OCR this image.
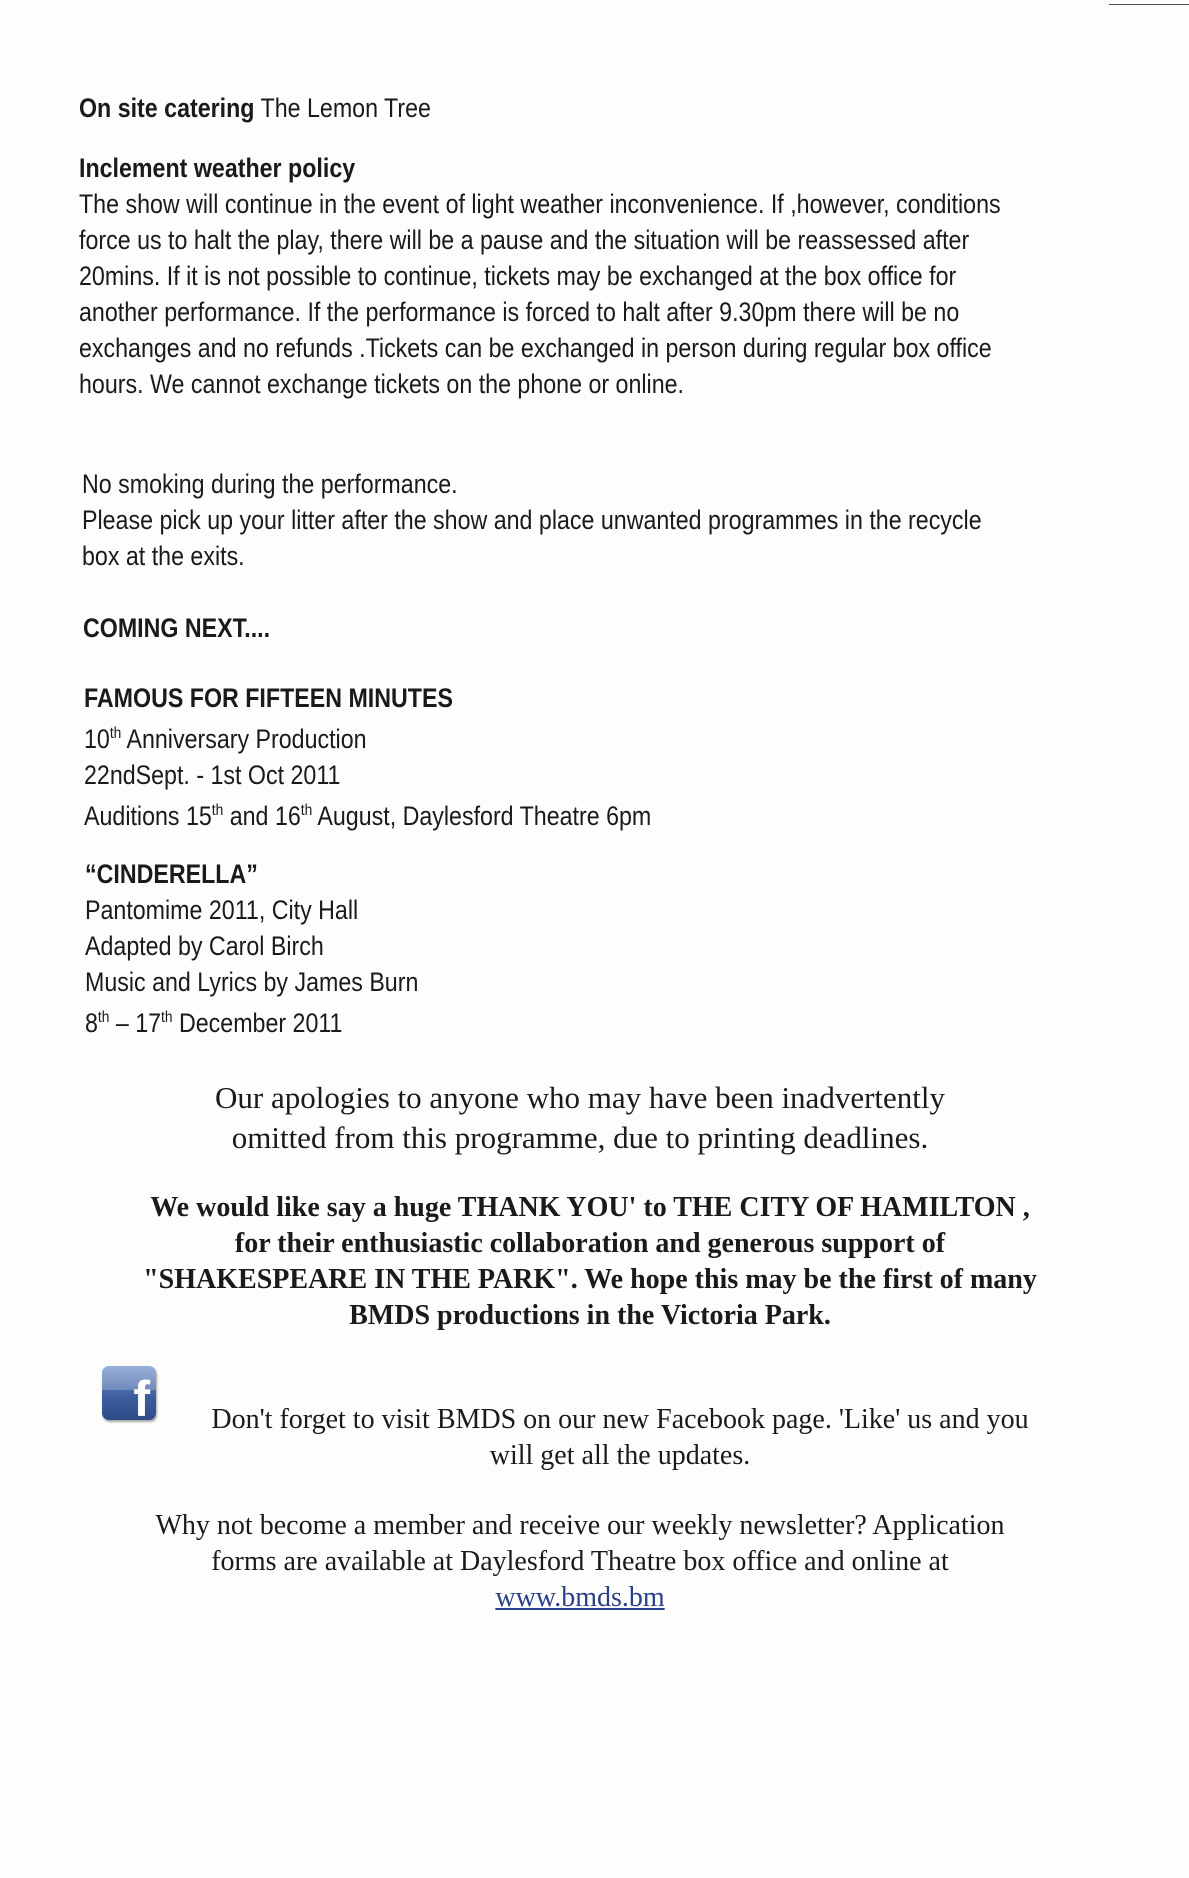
On site catering The Lemon Tree
Inclement weather policy
The show will continue in the event of light weather inconvenience. If ,however, conditions
force us to halt the play, there will be a pause and the situation will be reassessed after
20mins. If it is not possible to continue, tickets may be exchanged at the box office for
another performance. If the performance is forced to halt after 9.30pm there will be no
exchanges and no refunds .Tickets can be exchanged in person during regular box office
hours. We cannot exchange tickets on the phone or online.
No smoking during the performance.
Please pick up your litter after the show and place unwanted programmes in the recycle
box at the exits.
COMING NEXT....
FAMOUS FOR FIFTEEN MINUTES
10th Anniversary Production
22ndSept. - 1st Oct 2011
Auditions 15th and 16th August, Daylesford Theatre 6pm
“CINDERELLA”
Pantomime 2011, City Hall
Adapted by Carol Birch
Music and Lyrics by James Burn
8th – 17th December 2011
Our apologies to anyone who may have been inadvertently
omitted from this programme, due to printing deadlines.
We would like say a huge THANK YOU' to THE CITY OF HAMILTON ,
for their enthusiastic collaboration and generous support of
"SHAKESPEARE IN THE PARK". We hope this may be the first of many
BMDS productions in the Victoria Park.
f	Don't forget to visit BMDS on our new Facebook page. 'Like' us and you
will get all the updates.
Why not become a member and receive our weekly newsletter? Application
forms are available at Daylesford Theatre box office and online at
www.bmds.bm
